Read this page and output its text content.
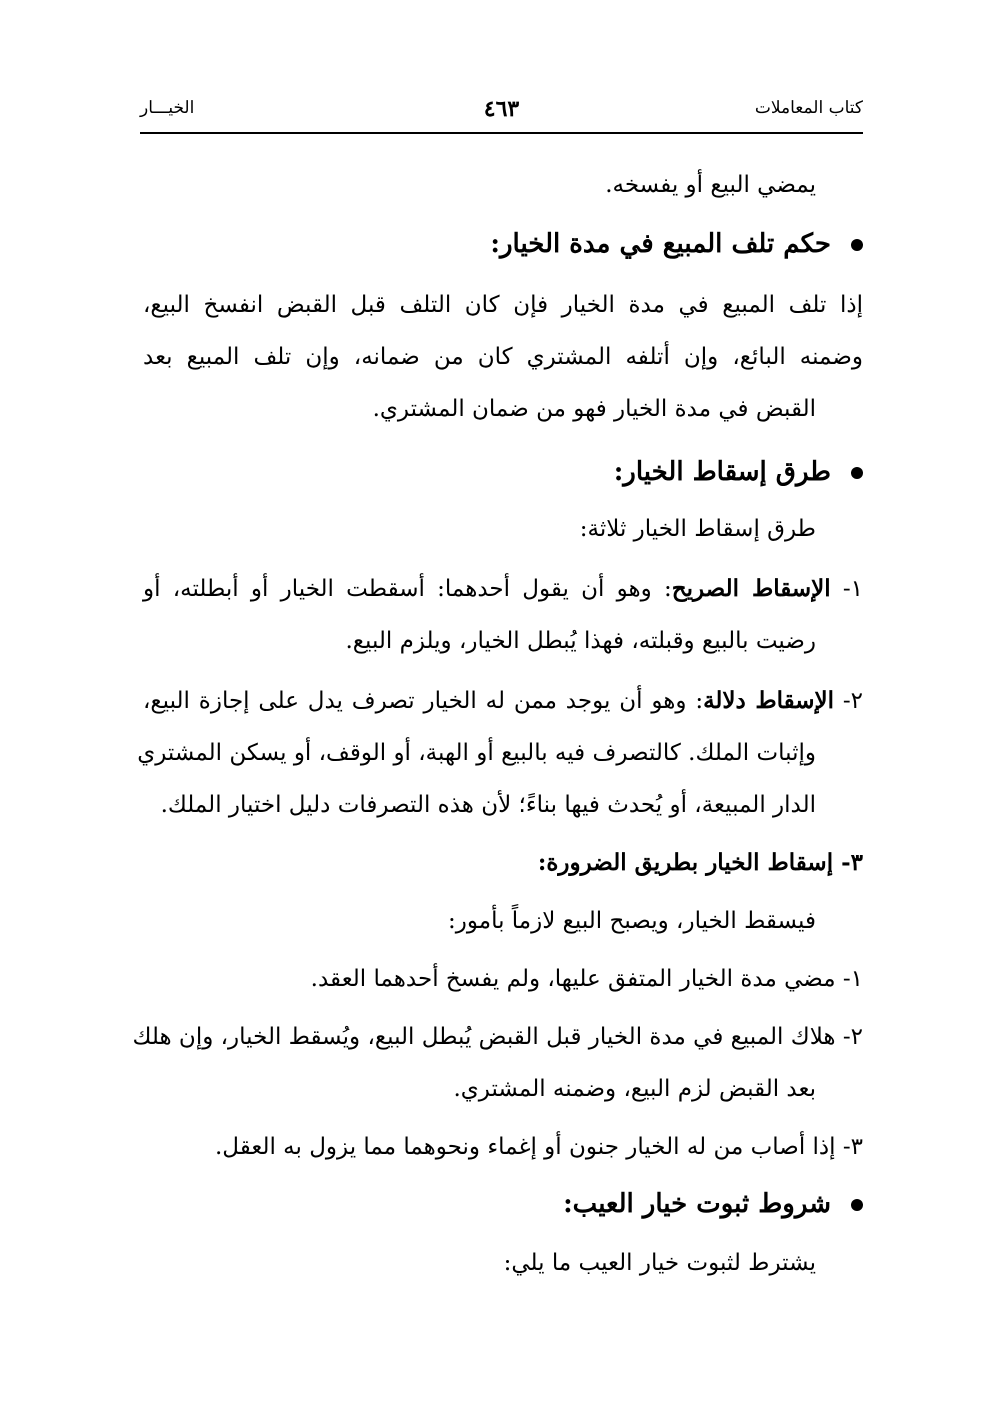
كتاب المعاملات
٤٦٣
الخيـــار
يمضي البيع أو يفسخه.
حكم تلف المبيع في مدة الخيار:
إذا تلف المبيع في مدة الخيار فإن كان التلف قبل القبض انفسخ البيع،
وضمنه البائع، وإن أتلفه المشتري كان من ضمانه، وإن تلف المبيع بعد
القبض في مدة الخيار فهو من ضمان المشتري.
طرق إسقاط الخيار:
طرق إسقاط الخيار ثلاثة:
١- الإسقاط الصريح: وهو أن يقول أحدهما: أسقطت الخيار أو أبطلته، أو
رضيت بالبيع وقبلته، فهذا يُبطل الخيار، ويلزم البيع.
٢- الإسقاط دلالة: وهو أن يوجد ممن له الخيار تصرف يدل على إجازة البيع،
وإثبات الملك. كالتصرف فيه بالبيع أو الهبة، أو الوقف، أو يسكن المشتري
الدار المبيعة، أو يُحدث فيها بناءً؛ لأن هذه التصرفات دليل اختيار الملك.
٣- إسقاط الخيار بطريق الضرورة:
فيسقط الخيار، ويصبح البيع لازماً بأمور:
١- مضي مدة الخيار المتفق عليها، ولم يفسخ أحدهما العقد.
٢- هلاك المبيع في مدة الخيار قبل القبض يُبطل البيع، ويُسقط الخيار، وإن هلك
بعد القبض لزم البيع، وضمنه المشتري.
٣- إذا أصاب من له الخيار جنون أو إغماء ونحوهما مما يزول به العقل.
شروط ثبوت خيار العيب:
يشترط لثبوت خيار العيب ما يلي:
